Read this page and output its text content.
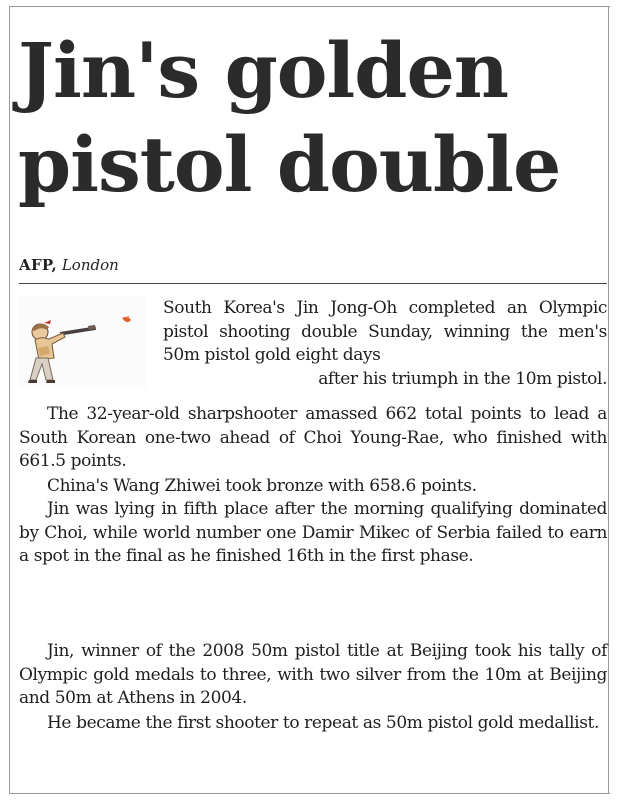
Jin's golden
pistol double
AFP, London
South Korea's Jin Jong-Oh completed an Olympic pistol shooting double Sunday, winning the men's 50m pistol gold eight days
after his triumph in the 10m pistol.

The 32-year-old sharpshooter amassed 662 total points to lead a South Korean one-two ahead of Choi Young-Rae, who finished with 661.5 points.

China's Wang Zhiwei took bronze with 658.6 points.

Jin was lying in fifth place after the morning qualifying dominated by Choi, while world number one Damir Mikec of Serbia failed to earn a spot in the final as he finished 16th in the first phase.

Jin, winner of the 2008 50m pistol title at Beijing took his tally of Olympic gold medals to three, with two silver from the 10m at Beijing and 50m at Athens in 2004.

He became the first shooter to repeat as 50m pistol gold medallist.
